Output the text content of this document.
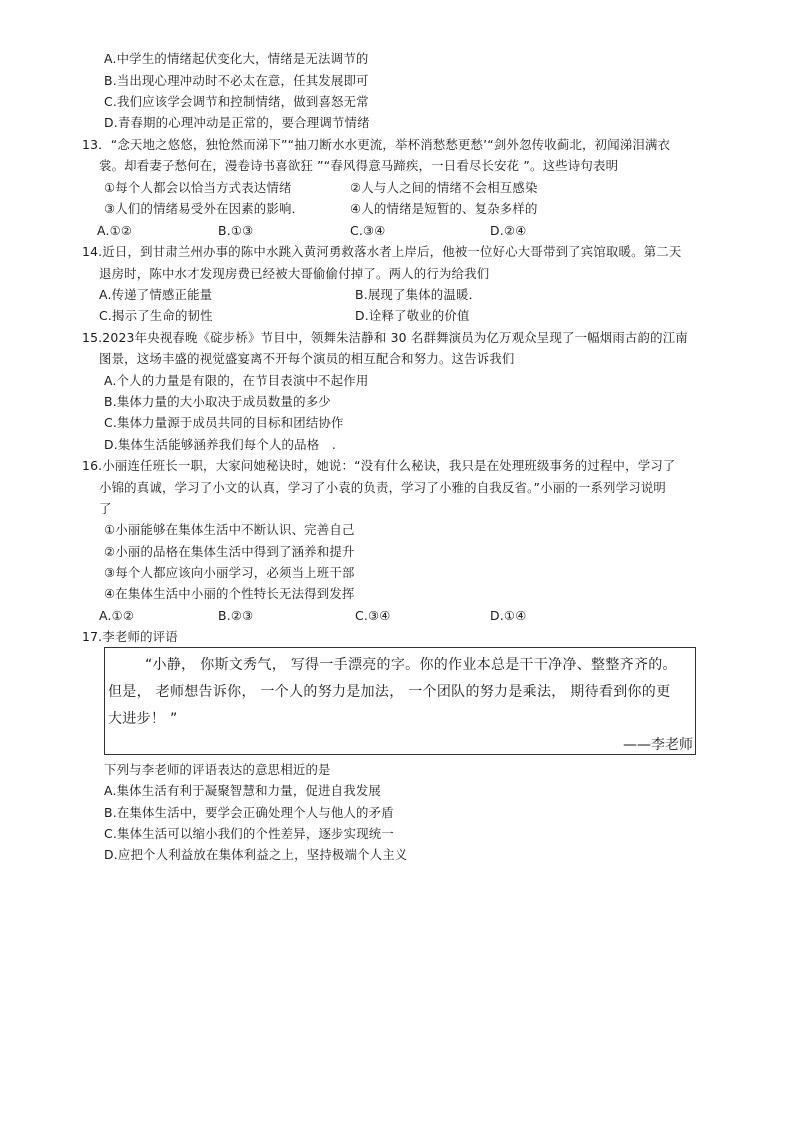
A.中学生的情绪起伏变化大，情绪是无法调节的
B.当出现心理冲动时不必太在意，任其发展即可
C.我们应该学会调节和控制情绪，做到喜怒无常
D.青春期的心理冲动是正常的，要合理调节情绪
13．“念天地之悠悠，独怆然而涕下”“抽刀断水水更流，举杯消愁愁更愁’“剑外忽传收蓟北，初闻涕泪满衣
裳。却看妻子愁何在，漫卷诗书喜欲狂 ”“春风得意马蹄疾，一日看尽长安花 ”。这些诗句表明
①每个人都会以恰当方式表达情绪	②人与人之间的情绪不会相互感染
③人们的情绪易受外在因素的影响．	④人的情绪是短暂的、复杂多样的
A.①②	B.①③	C.③④	D.②④
14.近日，到甘肃兰州办事的陈中水跳入黄河勇救落水者上岸后，他被一位好心大哥带到了宾馆取暖。第二天
退房时，陈中水才发现房费已经被大哥偷偷付掉了。两人的行为给我们
A.传递了情感正能量	B.展现了集体的温暖．
C.揭示了生命的韧性	D.诠释了敬业的价值
15.2023年央视春晚《碇步桥》节目中，领舞朱洁静和 30 名群舞演员为亿万观众呈现了一幅烟雨古韵的江南
图景，这场丰盛的视觉盛宴离不开每个演员的相互配合和努力。这告诉我们
A.个人的力量是有限的，在节目表演中不起作用
B.集体力量的大小取决于成员数量的多少
C.集体力量源于成员共同的目标和团结协作
D.集体生活能够涵养我们每个人的品格　.
16.小丽连任班长一职，大家问她秘诀时，她说：“没有什么秘诀，我只是在处理班级事务的过程中，学习了
小锦的真诚，学习了小文的认真，学习了小袁的负责，学习了小雅的自我反省。”小丽的一系列学习说明
了
①小丽能够在集体生活中不断认识、完善自己
②小丽的品格在集体生活中得到了涵养和提升
③每个人都应该向小丽学习，必须当上班干部
④在集体生活中小丽的个性特长无法得到发挥
A.①②	B.②③	C.③④	D.①④
17.李老师的评语
“小静， 你斯文秀气， 写得一手漂亮的字。你的作业本总是干干净净、整整齐齐的。
但是， 老师想告诉你， 一个人的努力是加法， 一个团队的努力是乘法， 期待看到你的更
大进步！ ”
——李老师
下列与李老师的评语表达的意思相近的是
A.集体生活有利于凝聚智慧和力量，促进自我发展
B.在集体生活中，要学会正确处理个人与他人的矛盾
C.集体生活可以缩小我们的个性差异，逐步实现统一
D.应把个人利益放在集体利益之上，坚持极端个人主义
